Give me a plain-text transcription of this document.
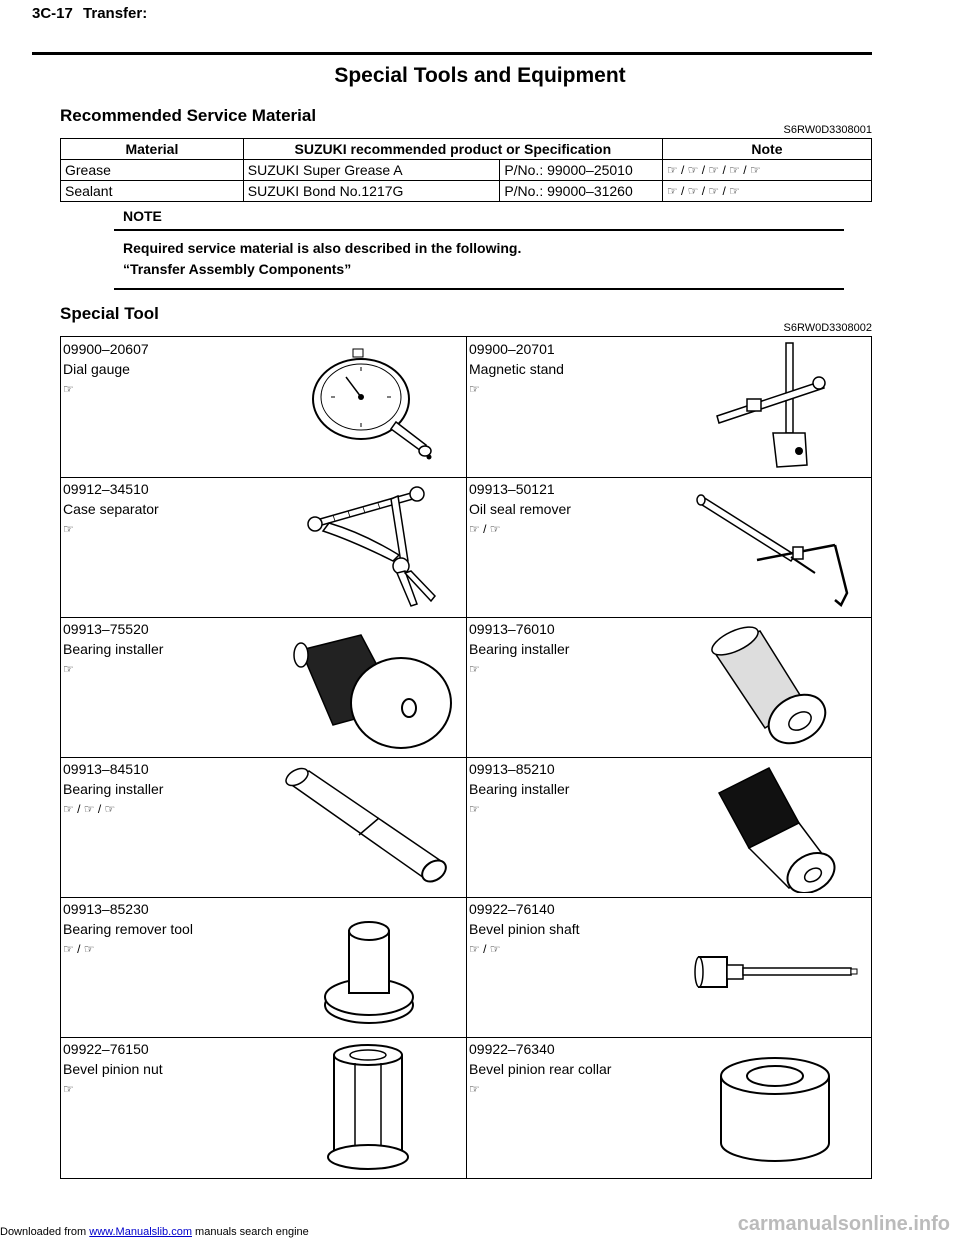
3C-17 Transfer:
Special Tools and Equipment
Recommended Service Material
S6RW0D3308001
Material	SUZUKI recommended product or Specification		Note
Grease	SUZUKI Super Grease A	P/No.: 99000–25010	☞ / ☞ / ☞ / ☞ / ☞
Sealant	SUZUKI Bond No.1217G	P/No.: 99000–31260	☞ / ☞ / ☞ / ☞
NOTE
Required service material is also described in the following.
“Transfer Assembly Components”
Special Tool
S6RW0D3308002
09900–20607
Dial gauge
☞
09900–20701
Magnetic stand
☞
09912–34510
Case separator
☞
09913–50121
Oil seal remover
☞ / ☞
09913–75520
Bearing installer
☞
09913–76010
Bearing installer
☞
09913–84510
Bearing installer
☞ / ☞ / ☞
09913–85210
Bearing installer
☞
09913–85230
Bearing remover tool
☞ / ☞
09922–76140
Bevel pinion shaft
☞ / ☞
09922–76150
Bevel pinion nut
☞
09922–76340
Bevel pinion rear collar
☞
Downloaded from www.Manualslib.com manuals search engine	carmanualsonline.info
